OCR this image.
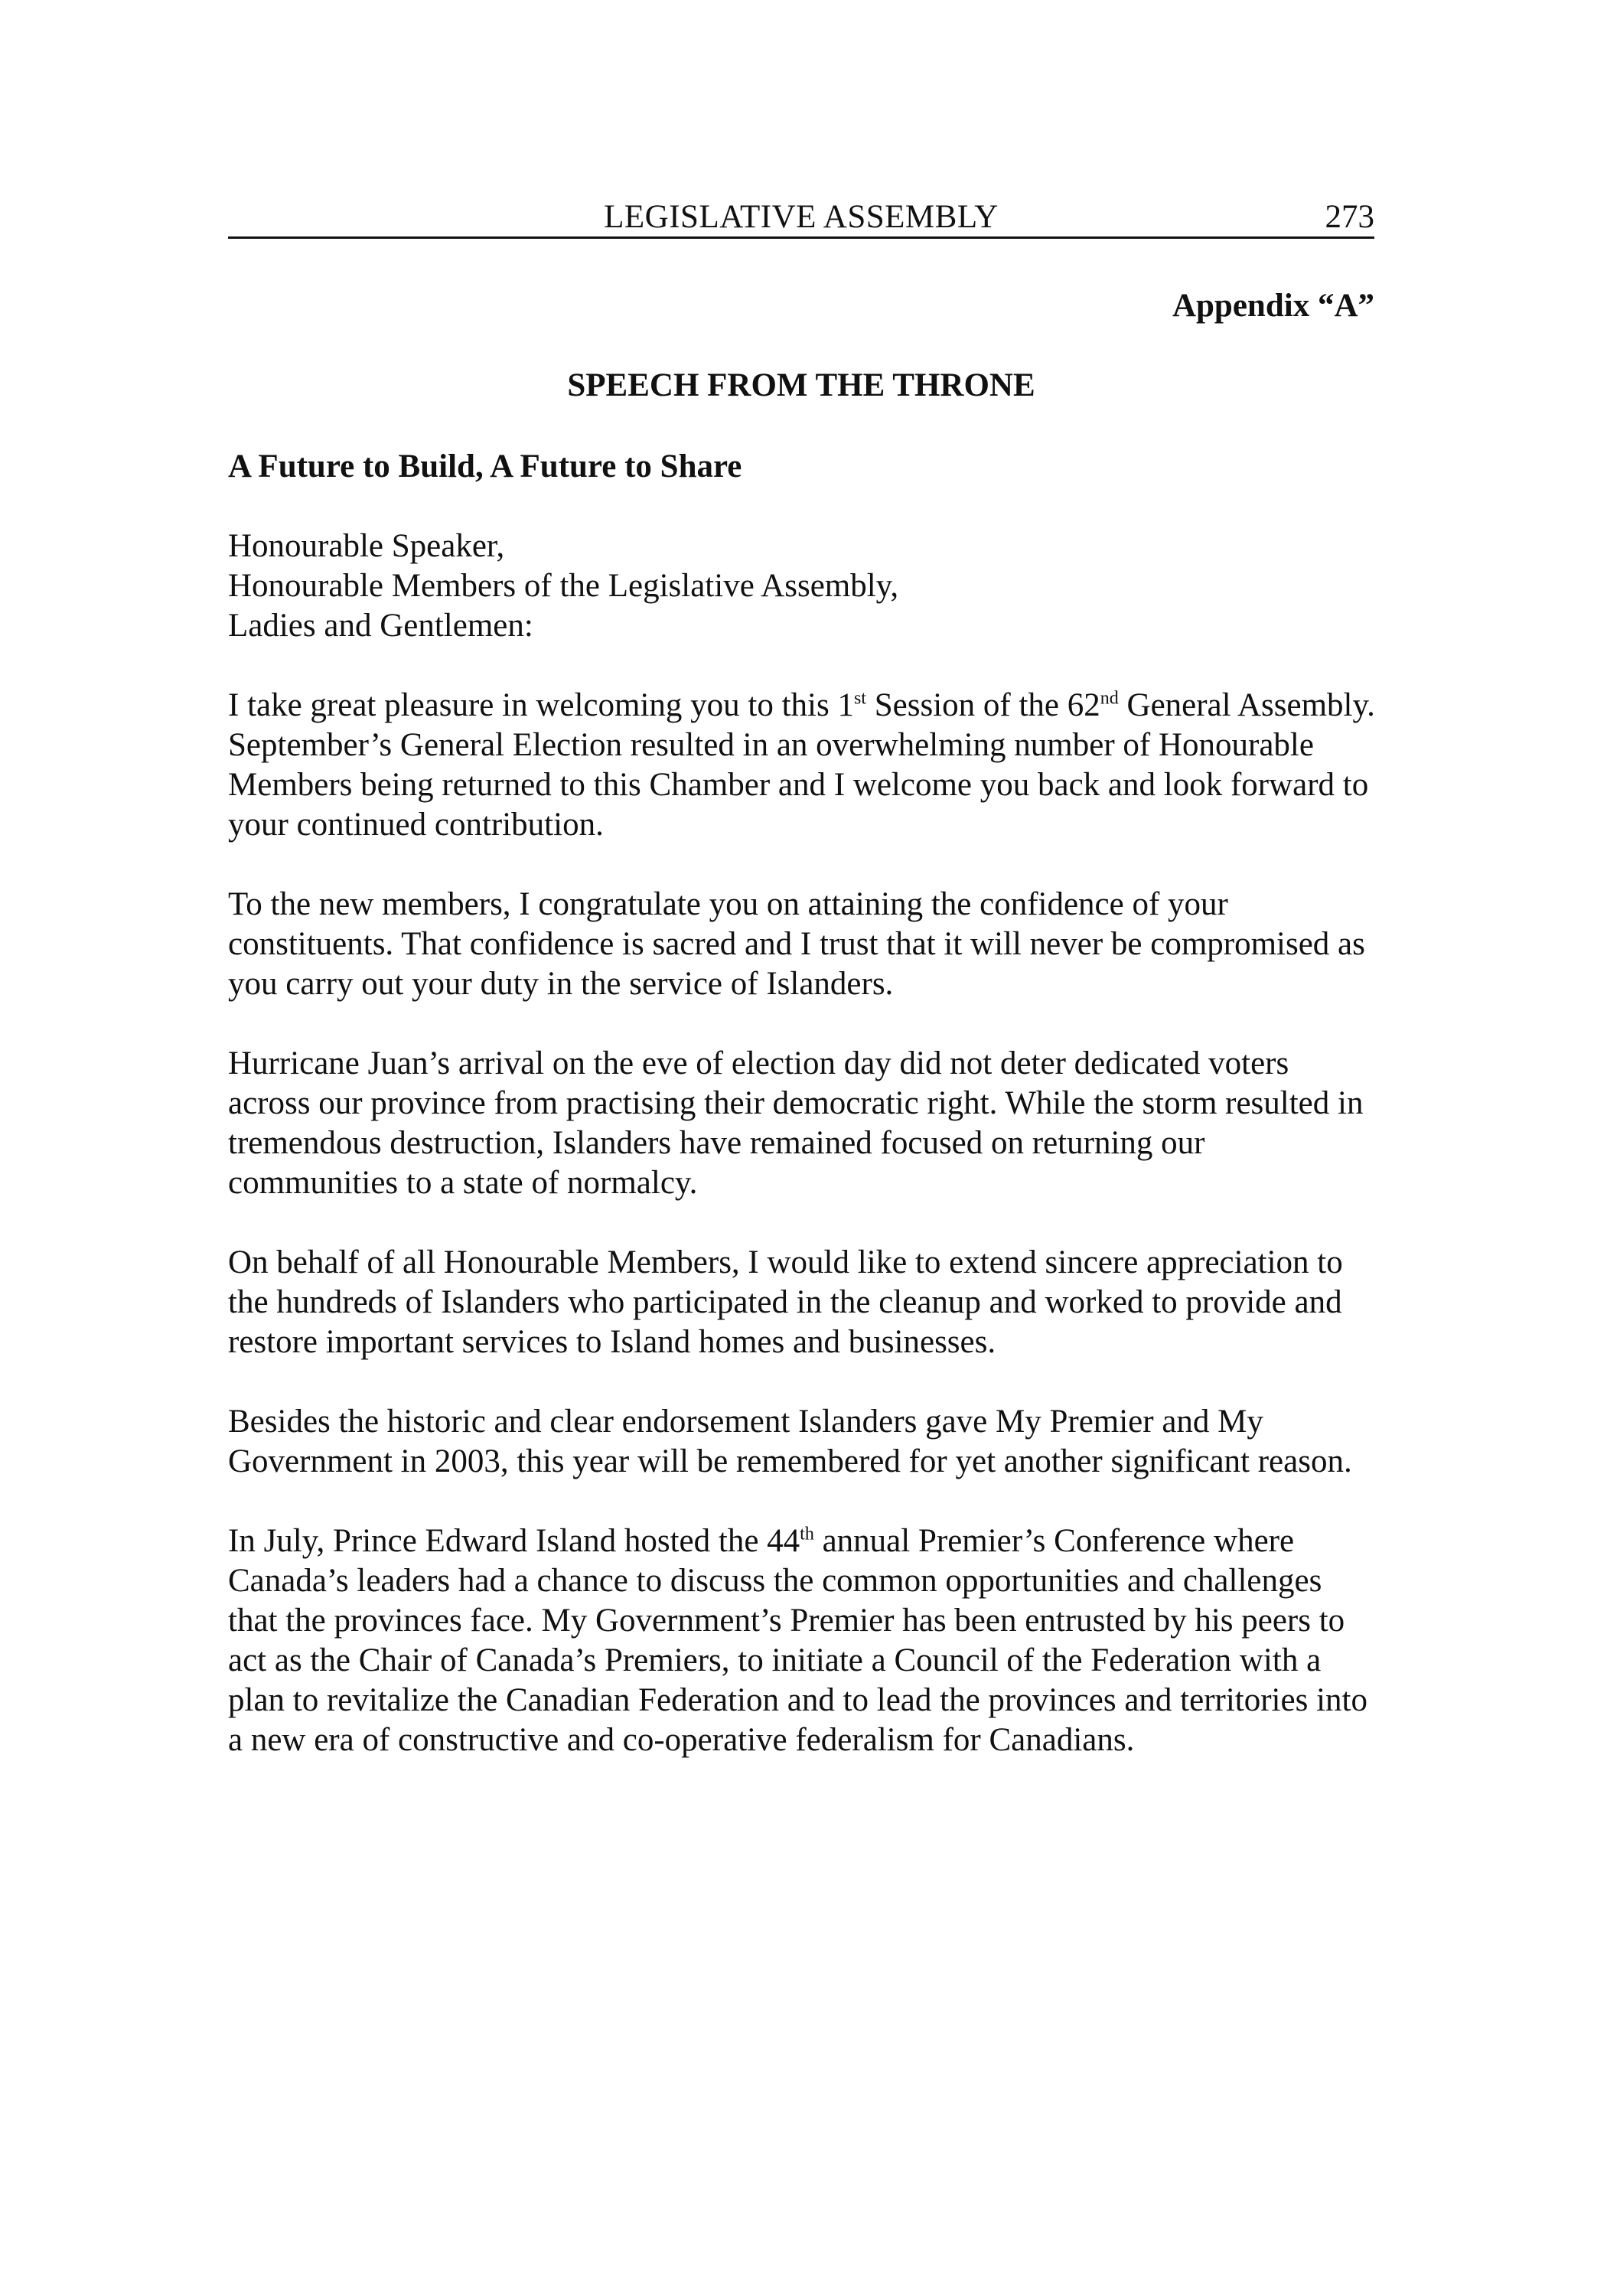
LEGISLATIVE ASSEMBLY	273
Appendix “A”
SPEECH FROM THE THRONE
A Future to Build, A Future to Share

Honourable Speaker,
Honourable Members of the Legislative Assembly,
Ladies and Gentlemen:

I take great pleasure in welcoming you to this 1st Session of the 62nd General Assembly. September’s General Election resulted in an overwhelming number of Honourable Members being returned to this Chamber and I welcome you back and look forward to your continued contribution.

To the new members, I congratulate you on attaining the confidence of your constituents. That confidence is sacred and I trust that it will never be compromised as you carry out your duty in the service of Islanders.

Hurricane Juan’s arrival on the eve of election day did not deter dedicated voters across our province from practising their democratic right. While the storm resulted in tremendous destruction, Islanders have remained focused on returning our communities to a state of normalcy.

On behalf of all Honourable Members, I would like to extend sincere appreciation to the hundreds of Islanders who participated in the cleanup and worked to provide and restore important services to Island homes and businesses.

Besides the historic and clear endorsement Islanders gave My Premier and My Government in 2003, this year will be remembered for yet another significant reason.

In July, Prince Edward Island hosted the 44th annual Premier’s Conference where Canada’s leaders had a chance to discuss the common opportunities and challenges that the provinces face. My Government’s Premier has been entrusted by his peers to act as the Chair of Canada’s Premiers, to initiate a Council of the Federation with a plan to revitalize the Canadian Federation and to lead the provinces and territories into a new era of constructive and co-operative federalism for Canadians.
